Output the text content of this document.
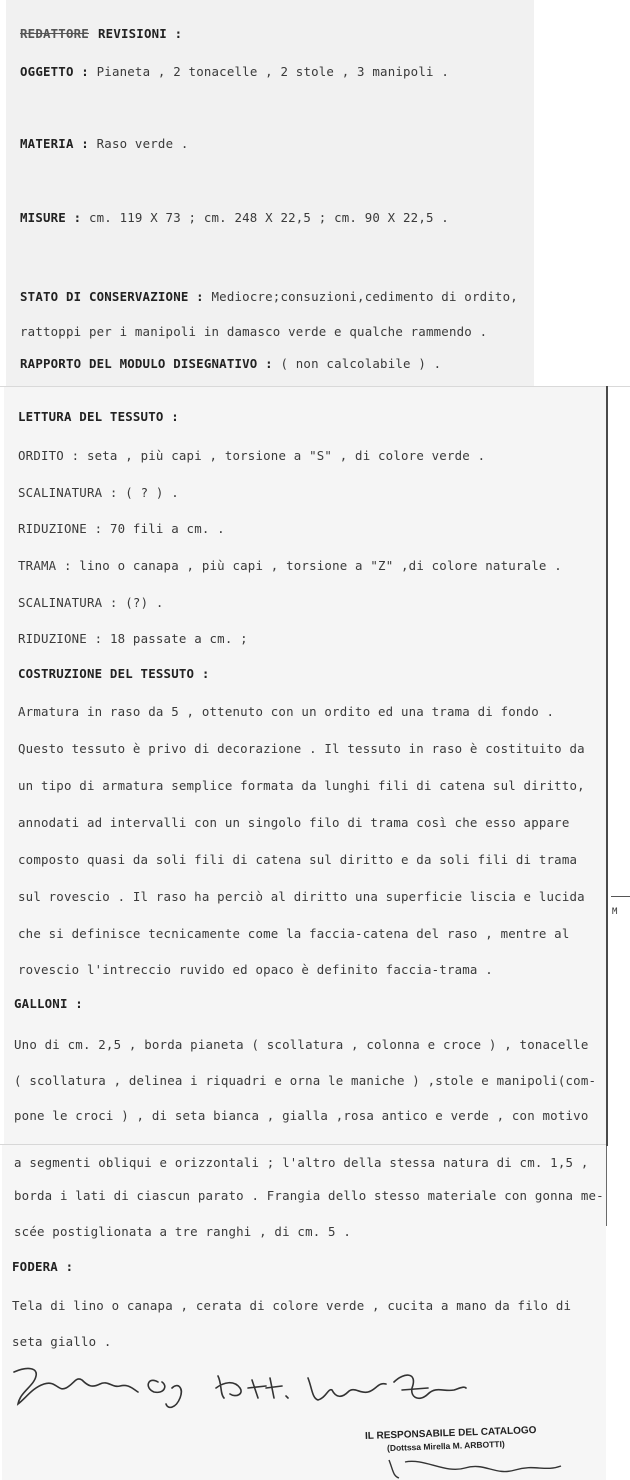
M
REDATTORE REVISIONI :
OGGETTO : Pianeta , 2 tonacelle , 2 stole , 3 manipoli .
MATERIA : Raso verde .
MISURE : cm. 119 X 73 ; cm. 248 X 22,5 ; cm. 90 X 22,5 .
STATO DI CONSERVAZIONE : Mediocre;consuzioni,cedimento di ordito,
rattoppi per i manipoli in damasco verde e qualche rammendo .
RAPPORTO DEL MODULO DISEGNATIVO : ( non calcolabile ) .
LETTURA DEL TESSUTO :
ORDITO : seta , più capi , torsione a "S" , di colore verde .
SCALINATURA : ( ? ) .
RIDUZIONE : 70 fili a cm. .
TRAMA : lino o canapa , più capi , torsione a "Z" ,di colore naturale .
SCALINATURA : (?) .
RIDUZIONE : 18 passate a cm. ;
COSTRUZIONE DEL TESSUTO :
Armatura in raso da 5 , ottenuto con un ordito ed una trama di fondo .
Questo tessuto è privo di decorazione . Il tessuto in raso è costituito da
un tipo di armatura semplice formata da lunghi fili di catena sul diritto,
annodati ad intervalli con un singolo filo di trama così che esso appare
composto quasi da soli fili di catena sul diritto e da soli fili di trama
sul rovescio . Il raso ha perciò al diritto una superficie liscia e lucida
che si definisce tecnicamente come la faccia-catena del raso , mentre al
rovescio l'intreccio ruvido ed opaco è definito faccia-trama .
GALLONI :
Uno di cm. 2,5 , borda pianeta ( scollatura , colonna e croce ) , tonacelle
( scollatura , delinea i riquadri e orna le maniche ) ,stole e manipoli(com-
pone le croci ) , di seta bianca , gialla ,rosa antico e verde , con motivo
a segmenti obliqui e orizzontali ; l'altro della stessa natura di cm. 1,5 ,
borda i lati di ciascun parato . Frangia dello stesso materiale con gonna me-
scée postiglionata a tre ranghi , di cm. 5 .
FODERA :
Tela di lino o canapa , cerata di colore verde , cucita a mano da filo di
seta giallo .
IL RESPONSABILE DEL CATALOGO
(Dottssa Mirella M. ARBOTTI)
